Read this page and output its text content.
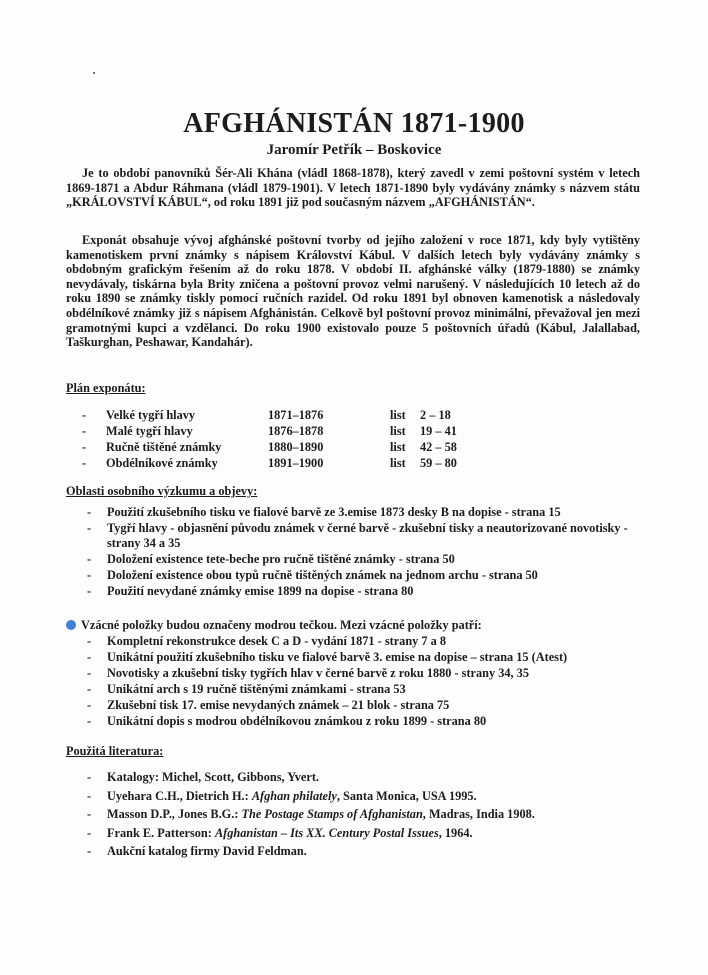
AFGHÁNISTÁN 1871-1900

Jaromír Petřík – Boskovice

Je to období panovníků Šér-Ali Khána (vládl 1868-1878), který zavedl v zemi poštovní systém v letech 1869-1871 a Abdur Ráhmana (vládl 1879-1901). V letech 1871-1890 byly vydávány známky s názvem státu „KRÁLOVSTVÍ KÁBUL“, od roku 1891 již pod současným názvem „AFGHÁNISTÁN“.

Exponát obsahuje vývoj afghánské poštovní tvorby od jejího založení v roce 1871, kdy byly vytištěny kamenotiskem první známky s nápisem Království Kábul. V dalších letech byly vydávány známky s obdobným grafickým řešením až do roku 1878. V období II. afghánské války (1879-1880) se známky nevydávaly, tiskárna byla Brity zničena a poštovní provoz velmi narušený. V následujících 10 letech až do roku 1890 se známky tiskly pomocí ručních razidel. Od roku 1891 byl obnoven kamenotisk a následovaly obdélníkové známky již s nápisem Afghánistán. Celkově byl poštovní provoz minimální, převažoval jen mezi gramotnými kupci a vzdělanci. Do roku 1900 existovalo pouze 5 poštovních úřadů (Kábul, Jalallabad, Taškurghan, Peshawar, Kandahár).

Plán exponátu:

-	Velké tygří hlavy	1871–1876	list	2 – 18
-	Malé tygří hlavy	1876–1878	list	19 – 41
-	Ručně tištěné známky	1880–1890	list	42 – 58
-	Obdélníkové známky	1891–1900	list	59 – 80

Oblasti osobního výzkumu a objevy:

- Použití zkušebního tisku ve fialové barvě ze 3.emise 1873 desky B na dopise - strana 15
- Tygří hlavy - objasnění původu známek v černé barvě - zkušební tisky a neautorizované novotisky - strany 34 a 35
- Doložení existence tete-beche pro ručně tištěné známky - strana 50
- Doložení existence obou typů ručně tištěných známek na jednom archu - strana 50
- Použití nevydané známky emise 1899 na dopise - strana 80

Vzácné položky budou označeny modrou tečkou. Mezi vzácné položky patří:

- Kompletní rekonstrukce desek C a D - vydání 1871 - strany 7 a 8
- Unikátní použití zkušebního tisku ve fialové barvě 3. emise na dopise – strana 15 (Atest)
- Novotisky a zkušební tisky tygřích hlav v černé barvě z roku 1880 - strany 34, 35
- Unikátní arch s 19 ručně tištěnými známkami - strana 53
- Zkušební tisk 17. emise nevydaných známek – 21 blok - strana 75
- Unikátní dopis s modrou obdélníkovou známkou z roku 1899 - strana 80

Použitá literatura:

- Katalogy: Michel, Scott, Gibbons, Yvert.
- Uyehara C.H., Dietrich H.: Afghan philately, Santa Monica, USA 1995.
- Masson D.P., Jones B.G.: The Postage Stamps of Afghanistan, Madras, India 1908.
- Frank E. Patterson: Afghanistan – Its XX. Century Postal Issues, 1964.
- Aukční katalog firmy David Feldman.
